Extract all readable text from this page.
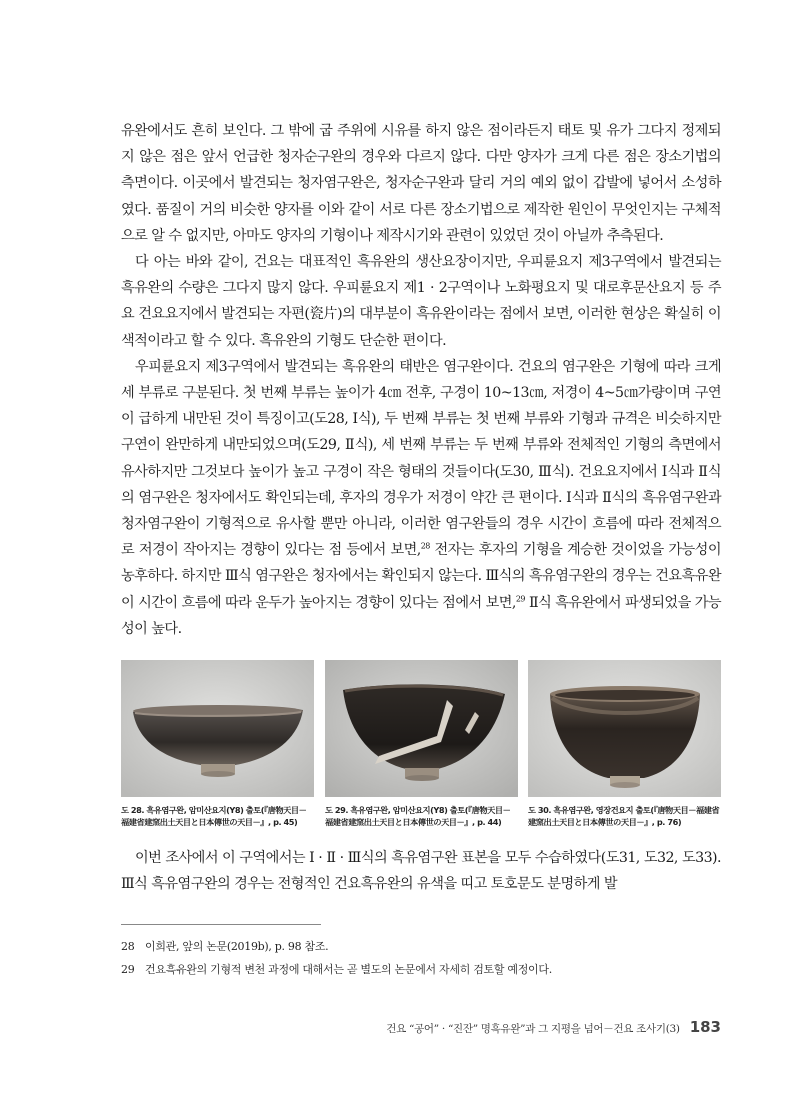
유완에서도 흔히 보인다. 그 밖에 굽 주위에 시유를 하지 않은 점이라든지 태토 및 유가 그다지 정제되지 않은 점은 앞서 언급한 청자순구완의 경우와 다르지 않다. 다만 양자가 크게 다른 점은 장소기법의 측면이다. 이곳에서 발견되는 청자염구완은, 청자순구완과 달리 거의 예외 없이 갑발에 넣어서 소성하였다. 품질이 거의 비슷한 양자를 이와 같이 서로 다른 장소기법으로 제작한 원인이 무엇인지는 구체적으로 알 수 없지만, 아마도 양자의 기형이나 제작시기와 관련이 있었던 것이 아닐까 추측된다.

다 아는 바와 같이, 건요는 대표적인 흑유완의 생산요장이지만, 우피륜요지 제3구역에서 발견되는 흑유완의 수량은 그다지 많지 않다. 우피륜요지 제1 · 2구역이나 노화평요지 및 대로후문산요지 등 주요 건요요지에서 발견되는 자편(瓷片)의 대부분이 흑유완이라는 점에서 보면, 이러한 현상은 확실히 이색적이라고 할 수 있다. 흑유완의 기형도 단순한 편이다.

우피륜요지 제3구역에서 발견되는 흑유완의 태반은 염구완이다. 건요의 염구완은 기형에 따라 크게 세 부류로 구분된다. 첫 번째 부류는 높이가 4㎝ 전후, 구경이 10~13㎝, 저경이 4~5㎝가량이며 구연이 급하게 내만된 것이 특징이고(도28, Ⅰ식), 두 번째 부류는 첫 번째 부류와 기형과 규격은 비슷하지만 구연이 완만하게 내만되었으며(도29, Ⅱ식), 세 번째 부류는 두 번째 부류와 전체적인 기형의 측면에서 유사하지만 그것보다 높이가 높고 구경이 작은 형태의 것들이다(도30, Ⅲ식). 건요요지에서 Ⅰ식과 Ⅱ식의 염구완은 청자에서도 확인되는데, 후자의 경우가 저경이 약간 큰 편이다. Ⅰ식과 Ⅱ식의 흑유염구완과 청자염구완이 기형적으로 유사할 뿐만 아니라, 이러한 염구완들의 경우 시간이 흐름에 따라 전체적으로 저경이 작아지는 경향이 있다는 점 등에서 보면,$^{28}$ 전자는 후자의 기형을 계승한 것이었을 가능성이 농후하다. 하지만 Ⅲ식 염구완은 청자에서는 확인되지 않는다. Ⅲ식의 흑유염구완의 경우는 건요흑유완이 시간이 흐름에 따라 운두가 높아지는 경향이 있다는 점에서 보면,$^{29}$ Ⅱ식 흑유완에서 파생되었을 가능성이 높다.

도 28. 흑유염구완, 암미산요지(Y8) 출토(『唐物天目－福建省建窯出土天目と日本傳世の天目－』, p. 45)
도 29. 흑유염구완, 암미산요지(Y8) 출토(『唐物天目－福建省建窯出土天目と日本傳世の天目－』, p. 44)
도 30. 흑유염구완, 영장건요지 출토(『唐物天目－福建省建窯出土天目と日本傳世の天目－』, p. 76)

이번 조사에서 이 구역에서는 Ⅰ · Ⅱ · Ⅲ식의 흑유염구완 표본을 모두 수습하였다(도31, 도32, 도33). Ⅲ식 흑유염구완의 경우는 전형적인 건요흑유완의 유색을 띠고 토호문도 분명하게 발

28 이희관, 앞의 논문(2019b), p. 98 참조.
29 건요흑유완의 기형적 변천 과정에 대해서는 곧 별도의 논문에서 자세히 검토할 예정이다.
건요 “공어” · “진잔” 명흑유완”과 그 지평을 넘어－건요 조사기(3) 183
